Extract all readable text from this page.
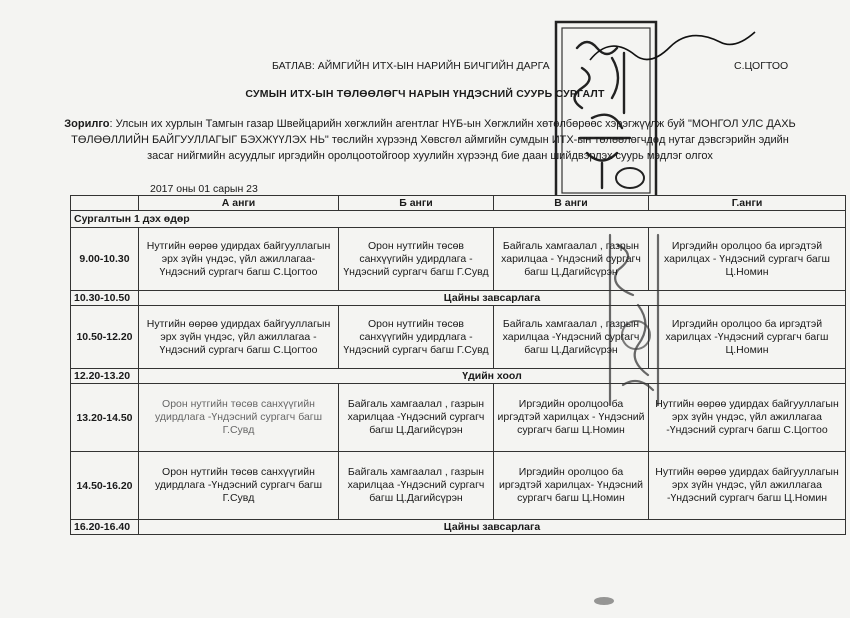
БАТЛАВ: АЙМГИЙН ИТХ-ЫН НАРИЙН БИЧГИЙН ДАРГА	С.ЦОГТОО
СУМЫН ИТХ-ЫН ТӨЛӨӨЛӨГЧ НАРЫН ҮНДЭСНИЙ СУУРЬ СУРГАЛТ
Зорилго: Улсын их хурлын Тамгын газар Швейцарийн хөгжлийн агентлаг НҮБ-ын Хөгжлийн хөтөлбөрөөс хэрэгжүүлж буй "МОНГОЛ УЛС ДАХЬ ТӨЛӨӨЛЛИЙН БАЙГУУЛЛАГЫГ БЭХЖҮҮЛЭХ НЬ" төслийн хүрээнд Хөвсгөл аймгийн сумдын ИТХ-ын төлөөлөгчдөд нутаг дэвсгэрийн эдийн засаг нийгмийн асуудлыг иргэдийн оролцоотойгоор хуулийн хүрээнд бие даан шийдвэрлэх суурь мэдлэг олгох
2017 оны 01 сарын 23
	А анги	Б анги	В анги	Г.анги
Сургалтын 1 дэх өдөр				
9.00-10.30	Нутгийн өөрөө удирдах байгууллагын эрх зүйн үндэс, үйл ажиллагаа- Үндэсний сургагч багш С.Цогтоо	Орон нутгийн төсөв санхүүгийн удирдлага - Үндэсний сургагч багш Г.Сувд	Байгаль хамгаалал , газрын харилцаа - Үндэсний сургагч багш Ц.Дагийсүрэн	Иргэдийн оролцоо ба иргэдтэй харилцах - Үндэсний сургагч багш Ц.Номин
10.30-10.50	Цайны завсарлага			
10.50-12.20	Нутгийн өөрөө удирдах байгууллагын эрх зүйн үндэс, үйл ажиллагаа - Үндэсний сургагч багш С.Цогтоо	Орон нутгийн төсөв санхүүгийн удирдлага - Үндэсний сургагч багш Г.Сувд	Байгаль хамгаалал , газрын харилцаа -Үндэсний сургагч багш Ц.Дагийсүрэн	Иргэдийн оролцоо ба иргэдтэй харилцах -Үндэсний сургагч багш Ц.Номин
12.20-13.20	Үдийн хоол			
13.20-14.50	Орон нутгийн төсөв санхүүгийн удирдлага -Үндэсний сургагч багш Г.Сувд	Байгаль хамгаалал , газрын харилцаа -Үндэсний сургагч багш Ц.Дагийсүрэн	Иргэдийн оролцоо ба иргэдтэй харилцах - Үндэсний сургагч багш Ц.Номин	Нутгийн өөрөө удирдах байгууллагын эрх зүйн үндэс, үйл ажиллагаа -Үндэсний сургагч багш С.Цогтоо
14.50-16.20	Орон нутгийн төсөв санхүүгийн удирдлага -Үндэсний сургагч багш Г.Сувд	Байгаль хамгаалал , газрын харилцаа -Үндэсний сургагч багш Ц.Дагийсүрэн	Иргэдийн оролцоо ба иргэдтэй харилцах- Үндэсний сургагч багш Ц.Номин	Нутгийн өөрөө удирдах байгууллагын эрх зүйн үндэс, үйл ажиллагаа -Үндэсний сургагч багш Ц.Номин
16.20-16.40	Цайны завсарлага			
